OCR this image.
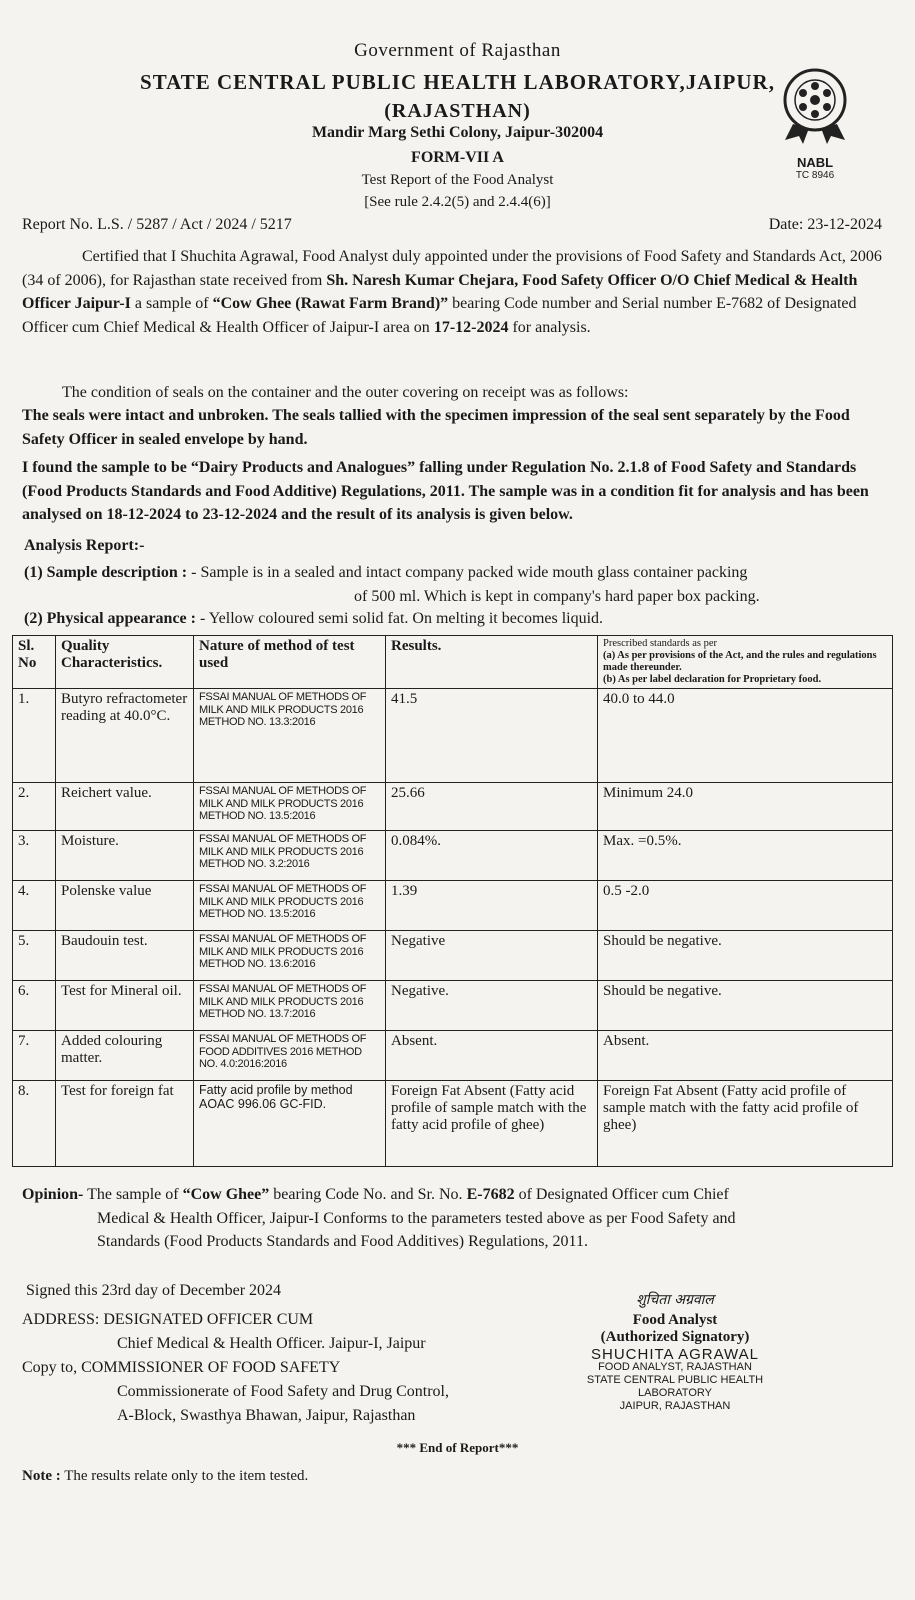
Government of Rajasthan
STATE CENTRAL PUBLIC HEALTH LABORATORY,JAIPUR,
(RAJASTHAN)
Mandir Marg Sethi Colony, Jaipur-302004
FORM-VII A
Test Report of the Food Analyst
[See rule 2.4.2(5) and 2.4.4(6)]
NABL
TC 8946
Report No. L.S. / 5287 / Act / 2024 / 5217	Date: 23-12-2024
Certified that I Shuchita Agrawal, Food Analyst duly appointed under the provisions of Food Safety and Standards Act, 2006 (34 of 2006), for Rajasthan state received from Sh. Naresh Kumar Chejara, Food Safety Officer O/O Chief Medical & Health Officer Jaipur-I a sample of “Cow Ghee (Rawat Farm Brand)” bearing Code number and Serial number E-7682 of Designated Officer cum Chief Medical & Health Officer of Jaipur-I area on 17-12-2024 for analysis.
The condition of seals on the container and the outer covering on receipt was as follows:
The seals were intact and unbroken. The seals tallied with the specimen impression of the seal sent separately by the Food Safety Officer in sealed envelope by hand.
I found the sample to be “Dairy Products and Analogues” falling under Regulation No. 2.1.8 of Food Safety and Standards (Food Products Standards and Food Additive) Regulations, 2011. The sample was in a condition fit for analysis and has been analysed on 18-12-2024 to 23-12-2024 and the result of its analysis is given below.
Analysis Report:-
(1) Sample description : - Sample is in a sealed and intact company packed wide mouth glass container packing
of 500 ml. Which is kept in company's hard paper box packing.
(2) Physical appearance : - Yellow coloured semi solid fat. On melting it becomes liquid.
Sl. No	Quality Characteristics.	Nature of method of test used	Results.	Prescribed standards as per
(a) As per provisions of the Act, and the rules and regulations made thereunder.
(b) As per label declaration for Proprietary food.

1.	Butyro refractometer reading at 40.0°C.	FSSAI MANUAL OF METHODS OF MILK AND MILK PRODUCTS 2016 METHOD NO. 13.3:2016	41.5	40.0 to 44.0
2.	Reichert value.	FSSAI MANUAL OF METHODS OF MILK AND MILK PRODUCTS 2016 METHOD NO. 13.5:2016	25.66	Minimum 24.0
3.	Moisture.	FSSAI MANUAL OF METHODS OF MILK AND MILK PRODUCTS 2016 METHOD NO. 3.2:2016	0.084%.	Max. =0.5%.
4.	Polenske value	FSSAI MANUAL OF METHODS OF MILK AND MILK PRODUCTS 2016 METHOD NO. 13.5:2016	1.39	0.5 -2.0
5.	Baudouin test.	FSSAI MANUAL OF METHODS OF MILK AND MILK PRODUCTS 2016 METHOD NO. 13.6:2016	Negative	Should be negative.
6.	Test for Mineral oil.	FSSAI MANUAL OF METHODS OF MILK AND MILK PRODUCTS 2016 METHOD NO. 13.7:2016	Negative.	Should be negative.
7.	Added colouring matter.	FSSAI MANUAL OF METHODS OF FOOD ADDITIVES 2016 METHOD NO. 4.0:2016:2016	Absent.	Absent.
8.	Test for foreign fat	Fatty acid profile by method AOAC 996.06 GC-FID.	Foreign Fat Absent (Fatty acid profile of sample match with the fatty acid profile of ghee)	Foreign Fat Absent (Fatty acid profile of sample match with the fatty acid profile of ghee)
Opinion- The sample of “Cow Ghee” bearing Code No. and Sr. No. E-7682 of Designated Officer cum Chief
Medical & Health Officer, Jaipur-I Conforms to the parameters tested above as per Food Safety and
Standards (Food Products Standards and Food Additives) Regulations, 2011.
Signed this 23rd day of December 2024
ADDRESS: DESIGNATED OFFICER CUM
Chief Medical & Health Officer. Jaipur-I, Jaipur
Copy to, COMMISSIONER OF FOOD SAFETY
Commissionerate of Food Safety and Drug Control,
A-Block, Swasthya Bhawan, Jaipur, Rajasthan
शुचिता अग्रवाल
Food Analyst
(Authorized Signatory)
SHUCHITA AGRAWAL
FOOD ANALYST, RAJASTHAN
STATE CENTRAL PUBLIC HEALTH LABORATORY
JAIPUR, RAJASTHAN
*** End of Report***
Note : The results relate only to the item tested.
